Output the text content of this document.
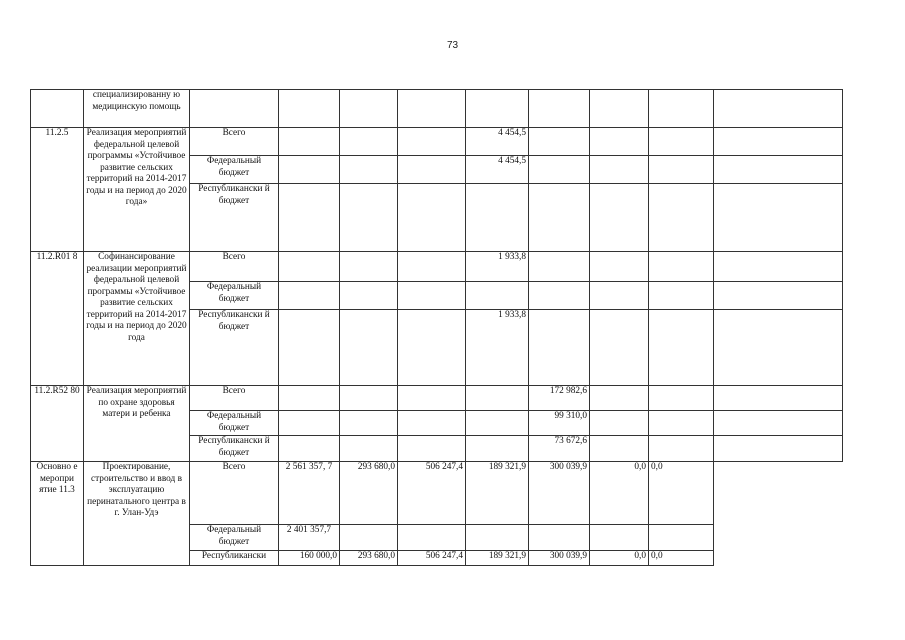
73
	специализированну ю медицинскую помощь									
11.2.5	Реализация мероприятий федеральной целевой программы «Устойчивое развитие сельских территорий на 2014-2017 годы и на период до 2020 года»	Всего				4 454,5				
		Федеральный бюджет				4 454,5				
		Республикански й бюджет								
11.2.R01 8	Софинансирование реализации мероприятий федеральной целевой программы «Устойчивое развитие сельских территорий на 2014-2017 годы и на период до 2020 года	Всего				1 933,8				
		Федеральный бюджет								
		Республикански й бюджет				1 933,8				
11.2.R52 80	Реализация мероприятий по охране здоровья матери и ребенка	Всего					172 982,6			
		Федеральный бюджет					99 310,0			
		Республикански й бюджет					73 672,6			
Основно е меропри ятие 11.3	Проектирование, строительство и ввод в эксплуатацию перинатального центра в г. Улан-Удэ	Всего	2 561 357, 7	293 680,0	506 247,4	189 321,9	300 039,9	0,0	0,0	
		Федеральный бюджет	2 401 357,7							
		Республикански	160 000,0	293 680,0	506 247,4	189 321,9	300 039,9	0,0	0,0	
